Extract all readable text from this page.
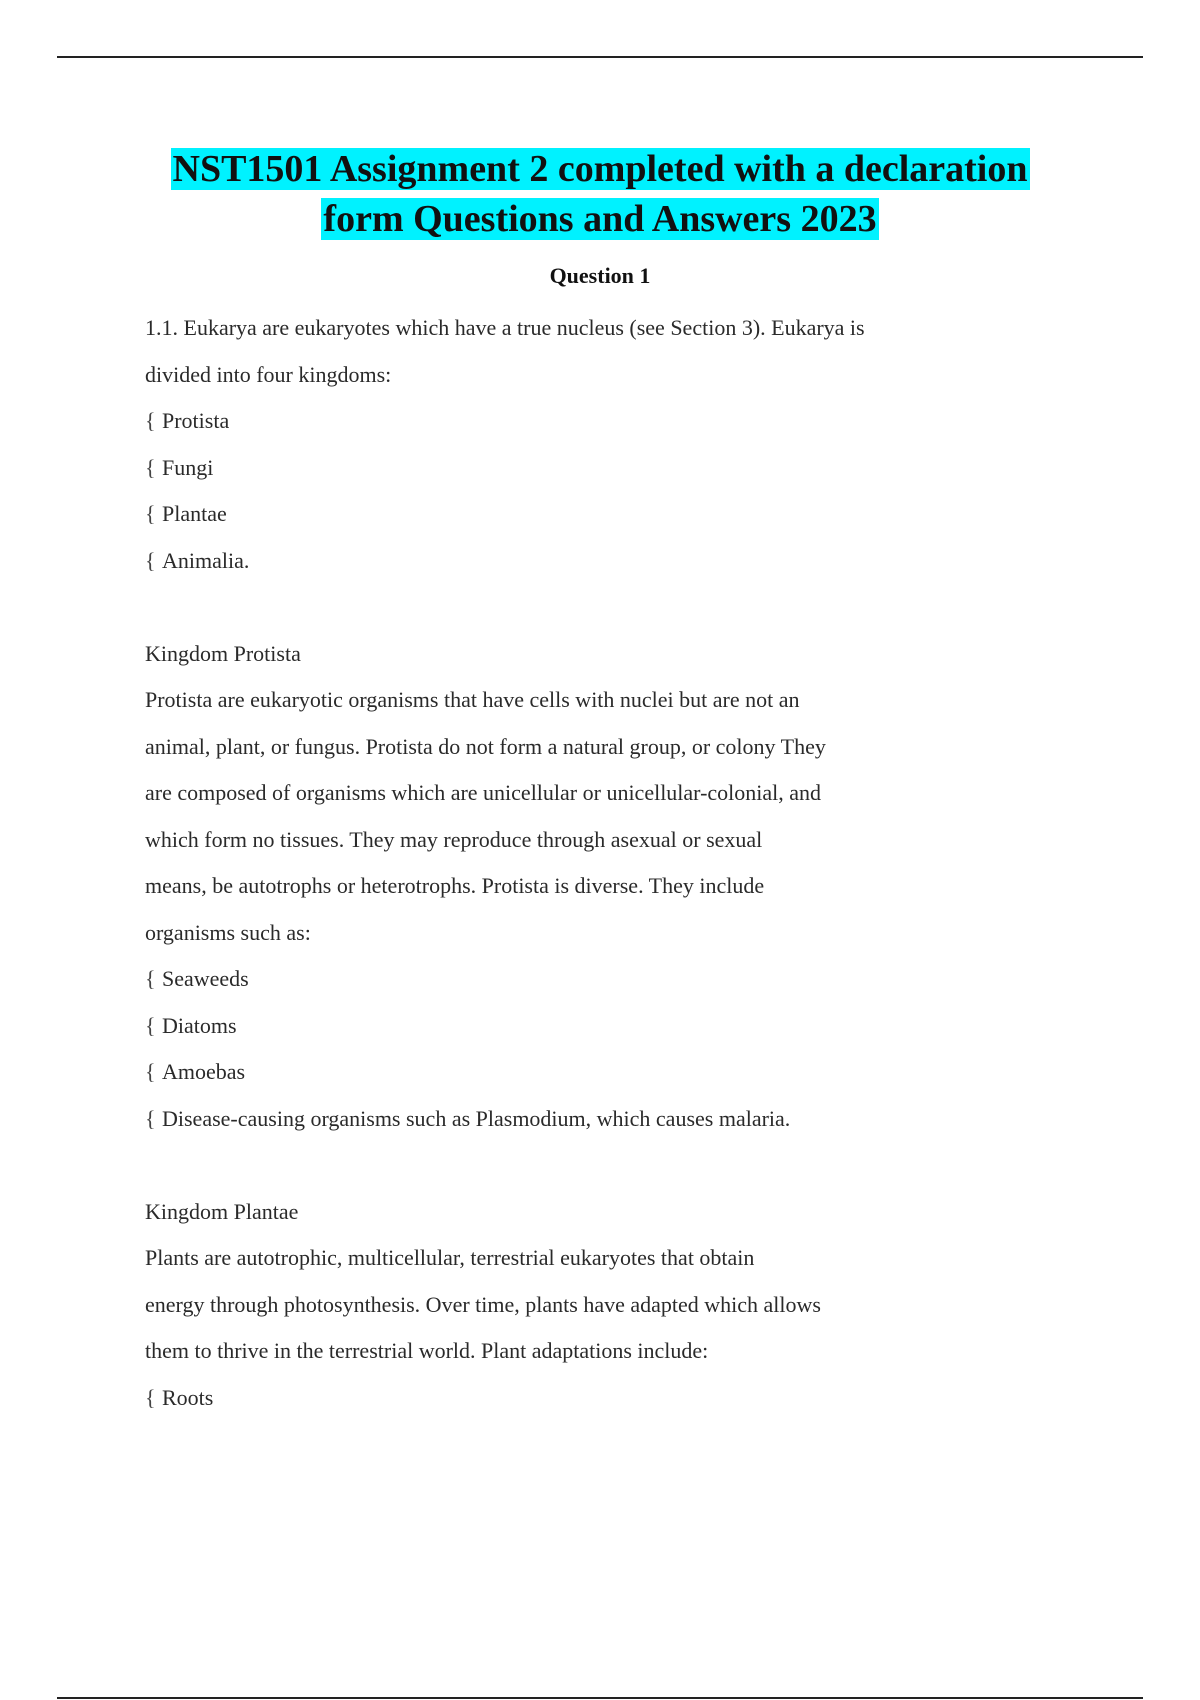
NST1501 Assignment 2 completed with a declaration
form Questions and Answers 2023
Question 1

1.1. Eukarya are eukaryotes which have a true nucleus (see Section 3). Eukarya is

divided into four kingdoms:

{ Protista

{ Fungi

{ Plantae

{ Animalia.

Kingdom Protista

Protista are eukaryotic organisms that have cells with nuclei but are not an

animal, plant, or fungus. Protista do not form a natural group, or colony They

are composed of organisms which are unicellular or unicellular-colonial, and

which form no tissues. They may reproduce through asexual or sexual

means, be autotrophs or heterotrophs. Protista is diverse. They include

organisms such as:

{ Seaweeds

{ Diatoms

{ Amoebas

{ Disease-causing organisms such as Plasmodium, which causes malaria.

Kingdom Plantae

Plants are autotrophic, multicellular, terrestrial eukaryotes that obtain

energy through photosynthesis. Over time, plants have adapted which allows

them to thrive in the terrestrial world. Plant adaptations include:

{ Roots
